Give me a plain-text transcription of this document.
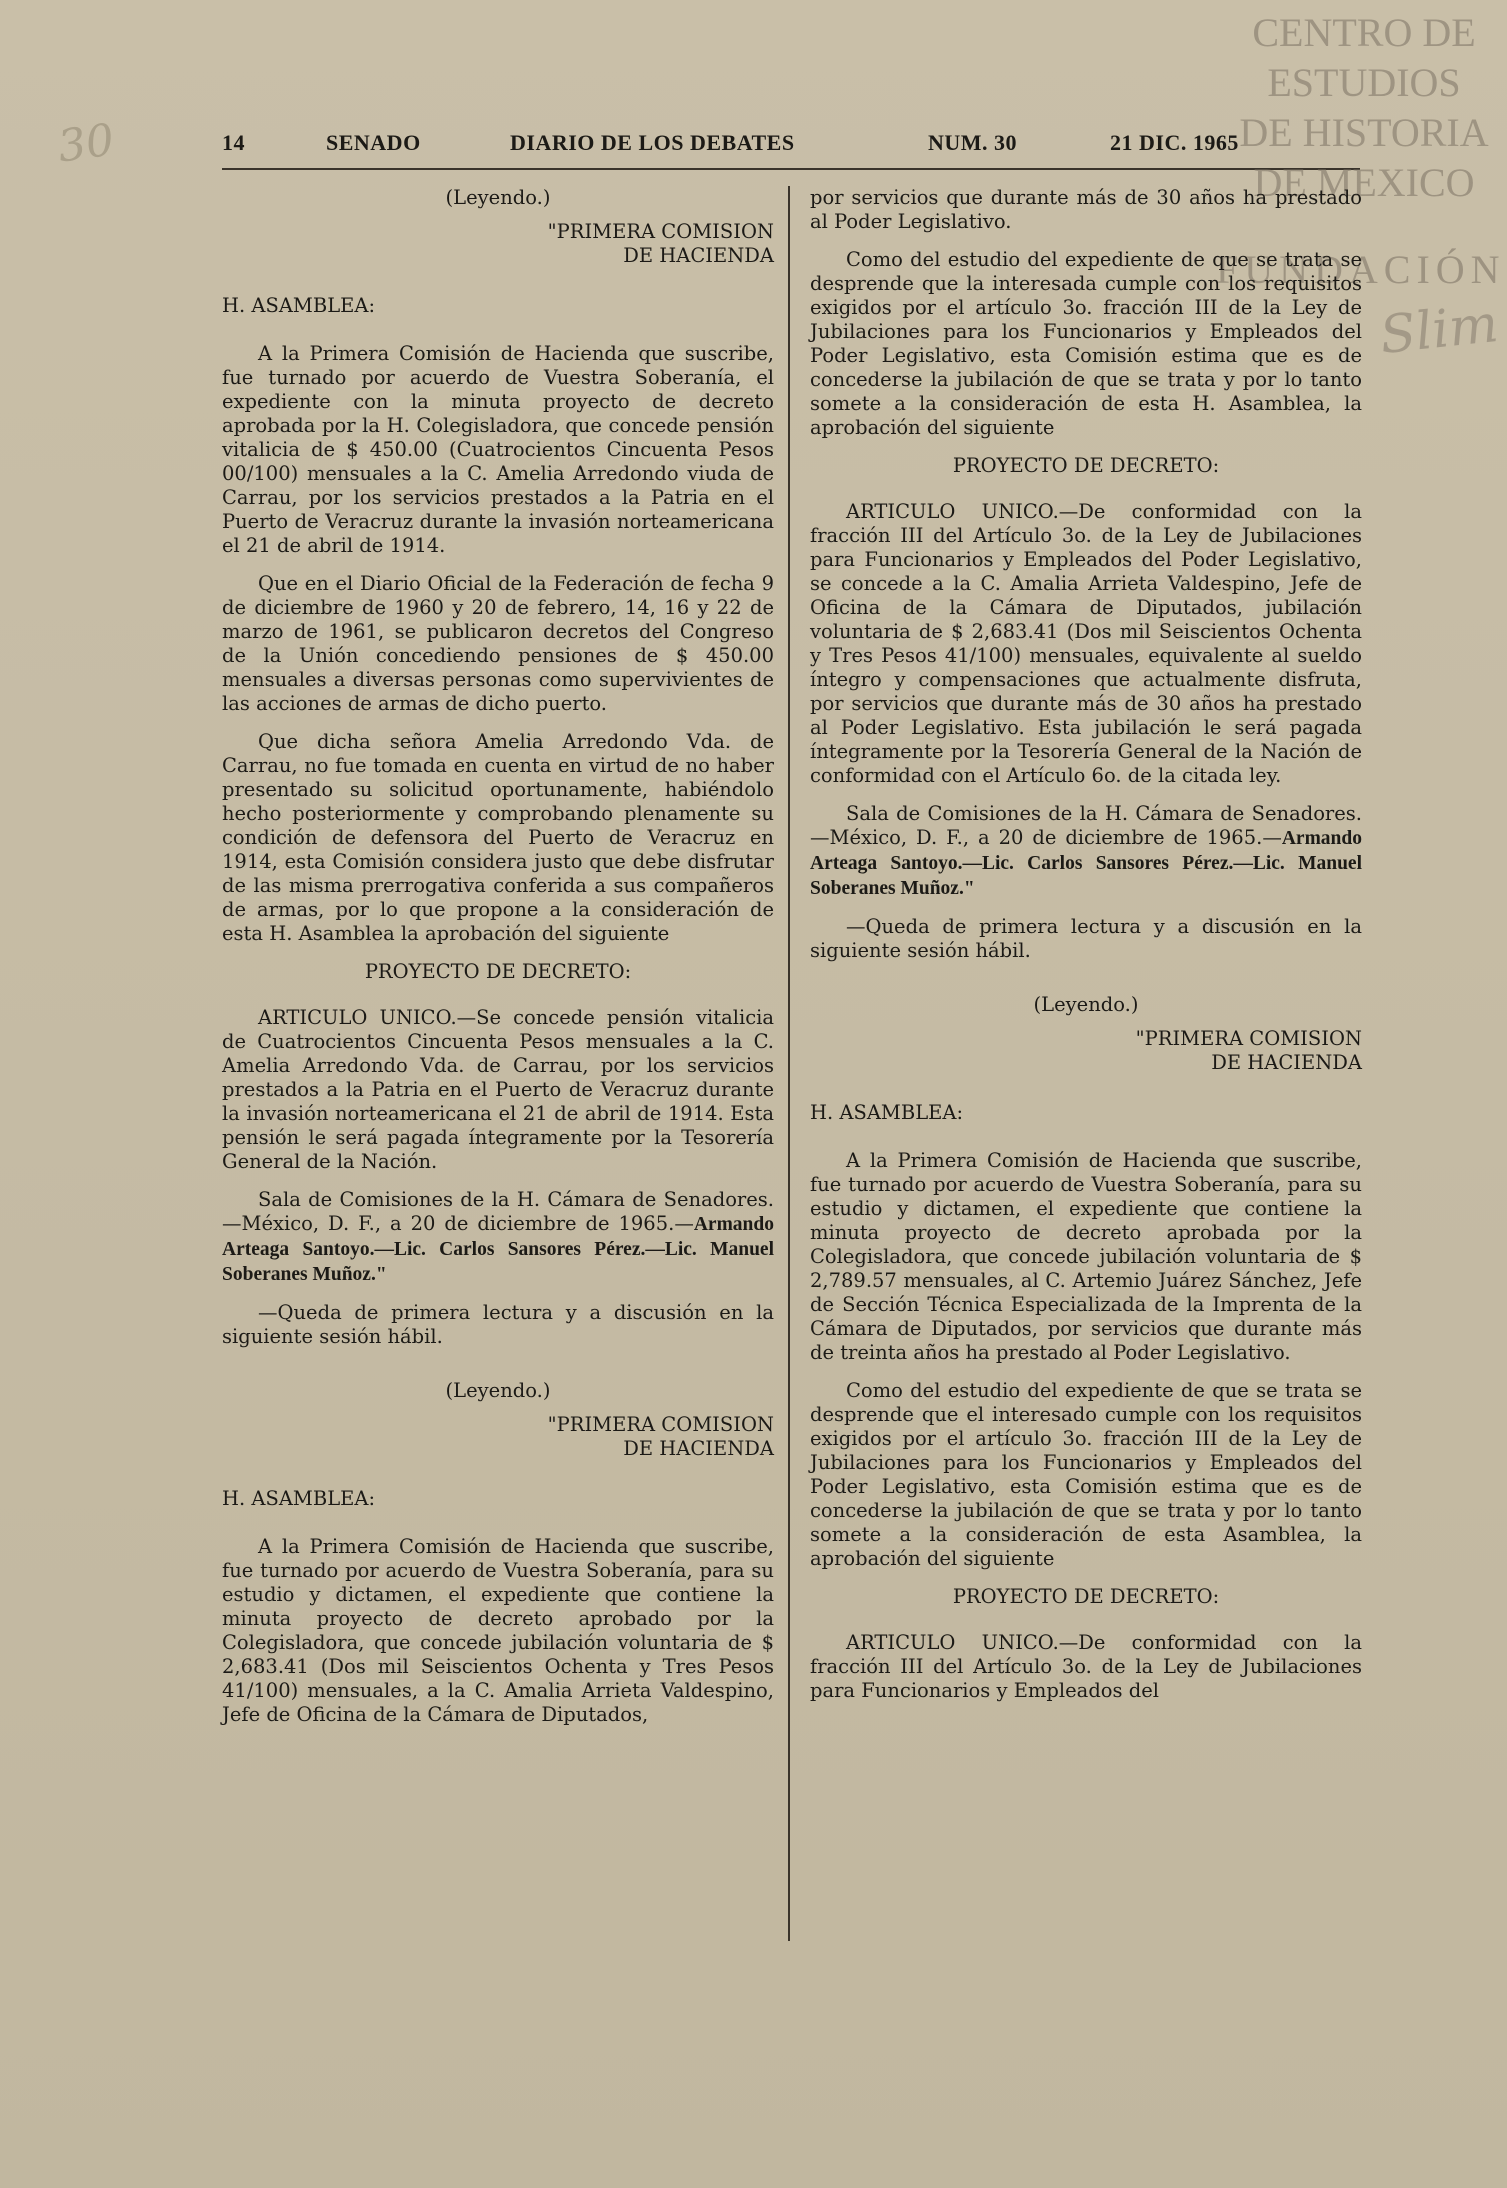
30	14	SENADO	DIARIO DE LOS DEBATES	NUM. 30	21 DIC. 1965
CENTRO DE
ESTUDIOS
DE HISTORIA
DE MEXICO
FUNDACIÓN
Slim

(Leyendo.)

"PRIMERA COMISION

DE HACIENDA

H. ASAMBLEA:

A la Primera Comisión de Hacienda que suscribe, fue turnado por acuerdo de Vuestra Soberanía, el expediente con la minuta proyecto de decreto aprobada por la H. Colegisladora, que concede pensión vitalicia de $ 450.00 (Cuatrocientos Cincuenta Pesos 00/100) mensuales a la C. Amelia Arredondo viuda de Carrau, por los servicios prestados a la Patria en el Puerto de Veracruz durante la invasión norteamericana el 21 de abril de 1914.

Que en el Diario Oficial de la Federación de fecha 9 de diciembre de 1960 y 20 de febrero, 14, 16 y 22 de marzo de 1961, se publicaron decretos del Congreso de la Unión concediendo pensiones de $ 450.00 mensuales a diversas personas como supervivientes de las acciones de armas de dicho puerto.

Que dicha señora Amelia Arredondo Vda. de Carrau, no fue tomada en cuenta en virtud de no haber presentado su solicitud oportunamente, habiéndolo hecho posteriormente y comprobando plenamente su condición de defensora del Puerto de Veracruz en 1914, esta Comisión considera justo que debe disfrutar de las misma prerrogativa conferida a sus compañeros de armas, por lo que propone a la consideración de esta H. Asamblea la aprobación del siguiente

PROYECTO DE DECRETO:

ARTICULO UNICO.—Se concede pensión vitalicia de Cuatrocientos Cincuenta Pesos mensuales a la C. Amelia Arredondo Vda. de Carrau, por los servicios prestados a la Patria en el Puerto de Veracruz durante la invasión norteamericana el 21 de abril de 1914. Esta pensión le será pagada íntegramente por la Tesorería General de la Nación.

Sala de Comisiones de la H. Cámara de Senadores.—México, D. F., a 20 de diciembre de 1965.—Armando Arteaga Santoyo.—Lic. Carlos Sansores Pérez.—Lic. Manuel Soberanes Muñoz."

—Queda de primera lectura y a discusión en la siguiente sesión hábil.

(Leyendo.)

"PRIMERA COMISION

DE HACIENDA

H. ASAMBLEA:

A la Primera Comisión de Hacienda que suscribe, fue turnado por acuerdo de Vuestra Soberanía, para su estudio y dictamen, el expediente que contiene la minuta proyecto de decreto aprobado por la Colegisladora, que concede jubilación voluntaria de $ 2,683.41 (Dos mil Seiscientos Ochenta y Tres Pesos 41/100) mensuales, a la C. Amalia Arrieta Valdespino, Jefe de Oficina de la Cámara de Diputados,

por servicios que durante más de 30 años ha prestado al Poder Legislativo.

Como del estudio del expediente de que se trata se desprende que la interesada cumple con los requisitos exigidos por el artículo 3o. fracción III de la Ley de Jubilaciones para los Funcionarios y Empleados del Poder Legislativo, esta Comisión estima que es de concederse la jubilación de que se trata y por lo tanto somete a la consideración de esta H. Asamblea, la aprobación del siguiente

PROYECTO DE DECRETO:

ARTICULO UNICO.—De conformidad con la fracción III del Artículo 3o. de la Ley de Jubilaciones para Funcionarios y Empleados del Poder Legislativo, se concede a la C. Amalia Arrieta Valdespino, Jefe de Oficina de la Cámara de Diputados, jubilación voluntaria de $ 2,683.41 (Dos mil Seiscientos Ochenta y Tres Pesos 41/100) mensuales, equivalente al sueldo íntegro y compensaciones que actualmente disfruta, por servicios que durante más de 30 años ha prestado al Poder Legislativo. Esta jubilación le será pagada íntegramente por la Tesorería General de la Nación de conformidad con el Artículo 6o. de la citada ley.

Sala de Comisiones de la H. Cámara de Senadores.—México, D. F., a 20 de diciembre de 1965.—Armando Arteaga Santoyo.—Lic. Carlos Sansores Pérez.—Lic. Manuel Soberanes Muñoz."

—Queda de primera lectura y a discusión en la siguiente sesión hábil.

(Leyendo.)

"PRIMERA COMISION

DE HACIENDA

H. ASAMBLEA:

A la Primera Comisión de Hacienda que suscribe, fue turnado por acuerdo de Vuestra Soberanía, para su estudio y dictamen, el expediente que contiene la minuta proyecto de decreto aprobada por la Colegisladora, que concede jubilación voluntaria de $ 2,789.57 mensuales, al C. Artemio Juárez Sánchez, Jefe de Sección Técnica Especializada de la Imprenta de la Cámara de Diputados, por servicios que durante más de treinta años ha prestado al Poder Legislativo.

Como del estudio del expediente de que se trata se desprende que el interesado cumple con los requisitos exigidos por el artículo 3o. fracción III de la Ley de Jubilaciones para los Funcionarios y Empleados del Poder Legislativo, esta Comisión estima que es de concederse la jubilación de que se trata y por lo tanto somete a la consideración de esta Asamblea, la aprobación del siguiente

PROYECTO DE DECRETO:

ARTICULO UNICO.—De conformidad con la fracción III del Artículo 3o. de la Ley de Jubilaciones para Funcionarios y Empleados del
